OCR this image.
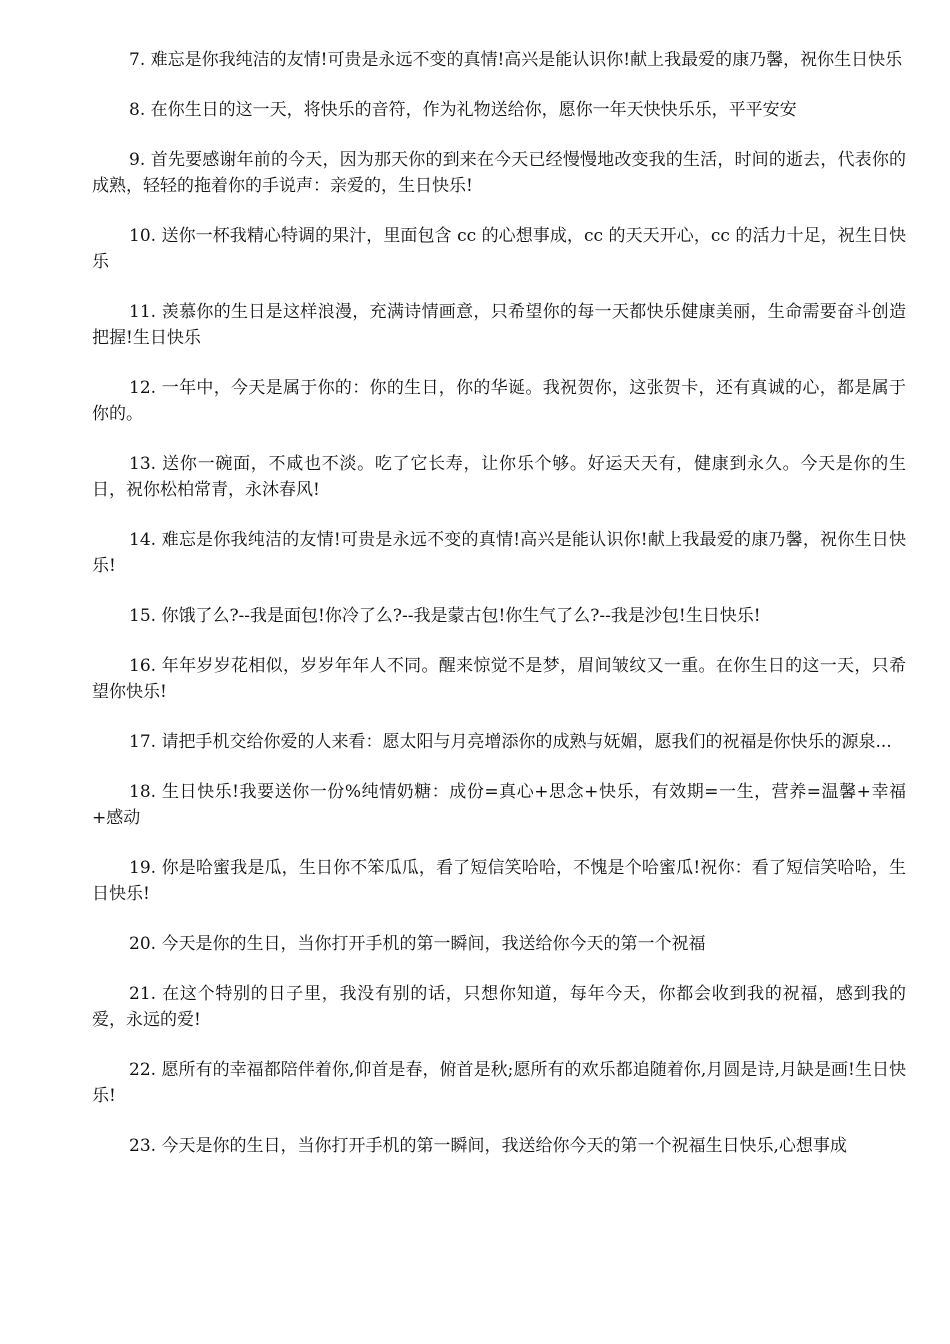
7. 难忘是你我纯洁的友情!可贵是永远不变的真情!高兴是能认识你!献上我最爱的康乃馨，祝你生日快乐

8. 在你生日的这一天，将快乐的音符，作为礼物送给你，愿你一年天快快乐乐，平平安安

9. 首先要感谢年前的今天，因为那天你的到来在今天已经慢慢地改变我的生活，时间的逝去，代表你的成熟，轻轻的拖着你的手说声：亲爱的，生日快乐!

10. 送你一杯我精心特调的果汁，里面包含 cc 的心想事成，cc 的天天开心，cc 的活力十足，祝生日快乐

11. 羡慕你的生日是这样浪漫，充满诗情画意，只希望你的每一天都快乐健康美丽，生命需要奋斗创造把握!生日快乐

12. 一年中，今天是属于你的：你的生日，你的华诞。我祝贺你，这张贺卡，还有真诚的心，都是属于你的。

13. 送你一碗面，不咸也不淡。吃了它长寿，让你乐个够。好运天天有，健康到永久。今天是你的生日，祝你松柏常青，永沐春风!

14. 难忘是你我纯洁的友情!可贵是永远不变的真情!高兴是能认识你!献上我最爱的康乃馨，祝你生日快乐!

15. 你饿了么?--我是面包!你冷了么?--我是蒙古包!你生气了么?--我是沙包!生日快乐!

16. 年年岁岁花相似，岁岁年年人不同。醒来惊觉不是梦，眉间皱纹又一重。在你生日的这一天，只希望你快乐!

17. 请把手机交给你爱的人来看：愿太阳与月亮增添你的成熟与妩媚，愿我们的祝福是你快乐的源泉...

18. 生日快乐!我要送你一份%纯情奶糖：成份=真心+思念+快乐，有效期=一生，营养=温馨+幸福+感动

19. 你是哈蜜我是瓜，生日你不笨瓜瓜，看了短信笑哈哈，不愧是个哈蜜瓜!祝你：看了短信笑哈哈，生日快乐!

20. 今天是你的生日，当你打开手机的第一瞬间，我送给你今天的第一个祝福

21. 在这个特别的日子里，我没有别的话，只想你知道，每年今天，你都会收到我的祝福，感到我的爱，永远的爱!

22. 愿所有的幸福都陪伴着你,仰首是春，俯首是秋;愿所有的欢乐都追随着你,月圆是诗,月缺是画!生日快乐!

23. 今天是你的生日，当你打开手机的第一瞬间，我送给你今天的第一个祝福生日快乐,心想事成
